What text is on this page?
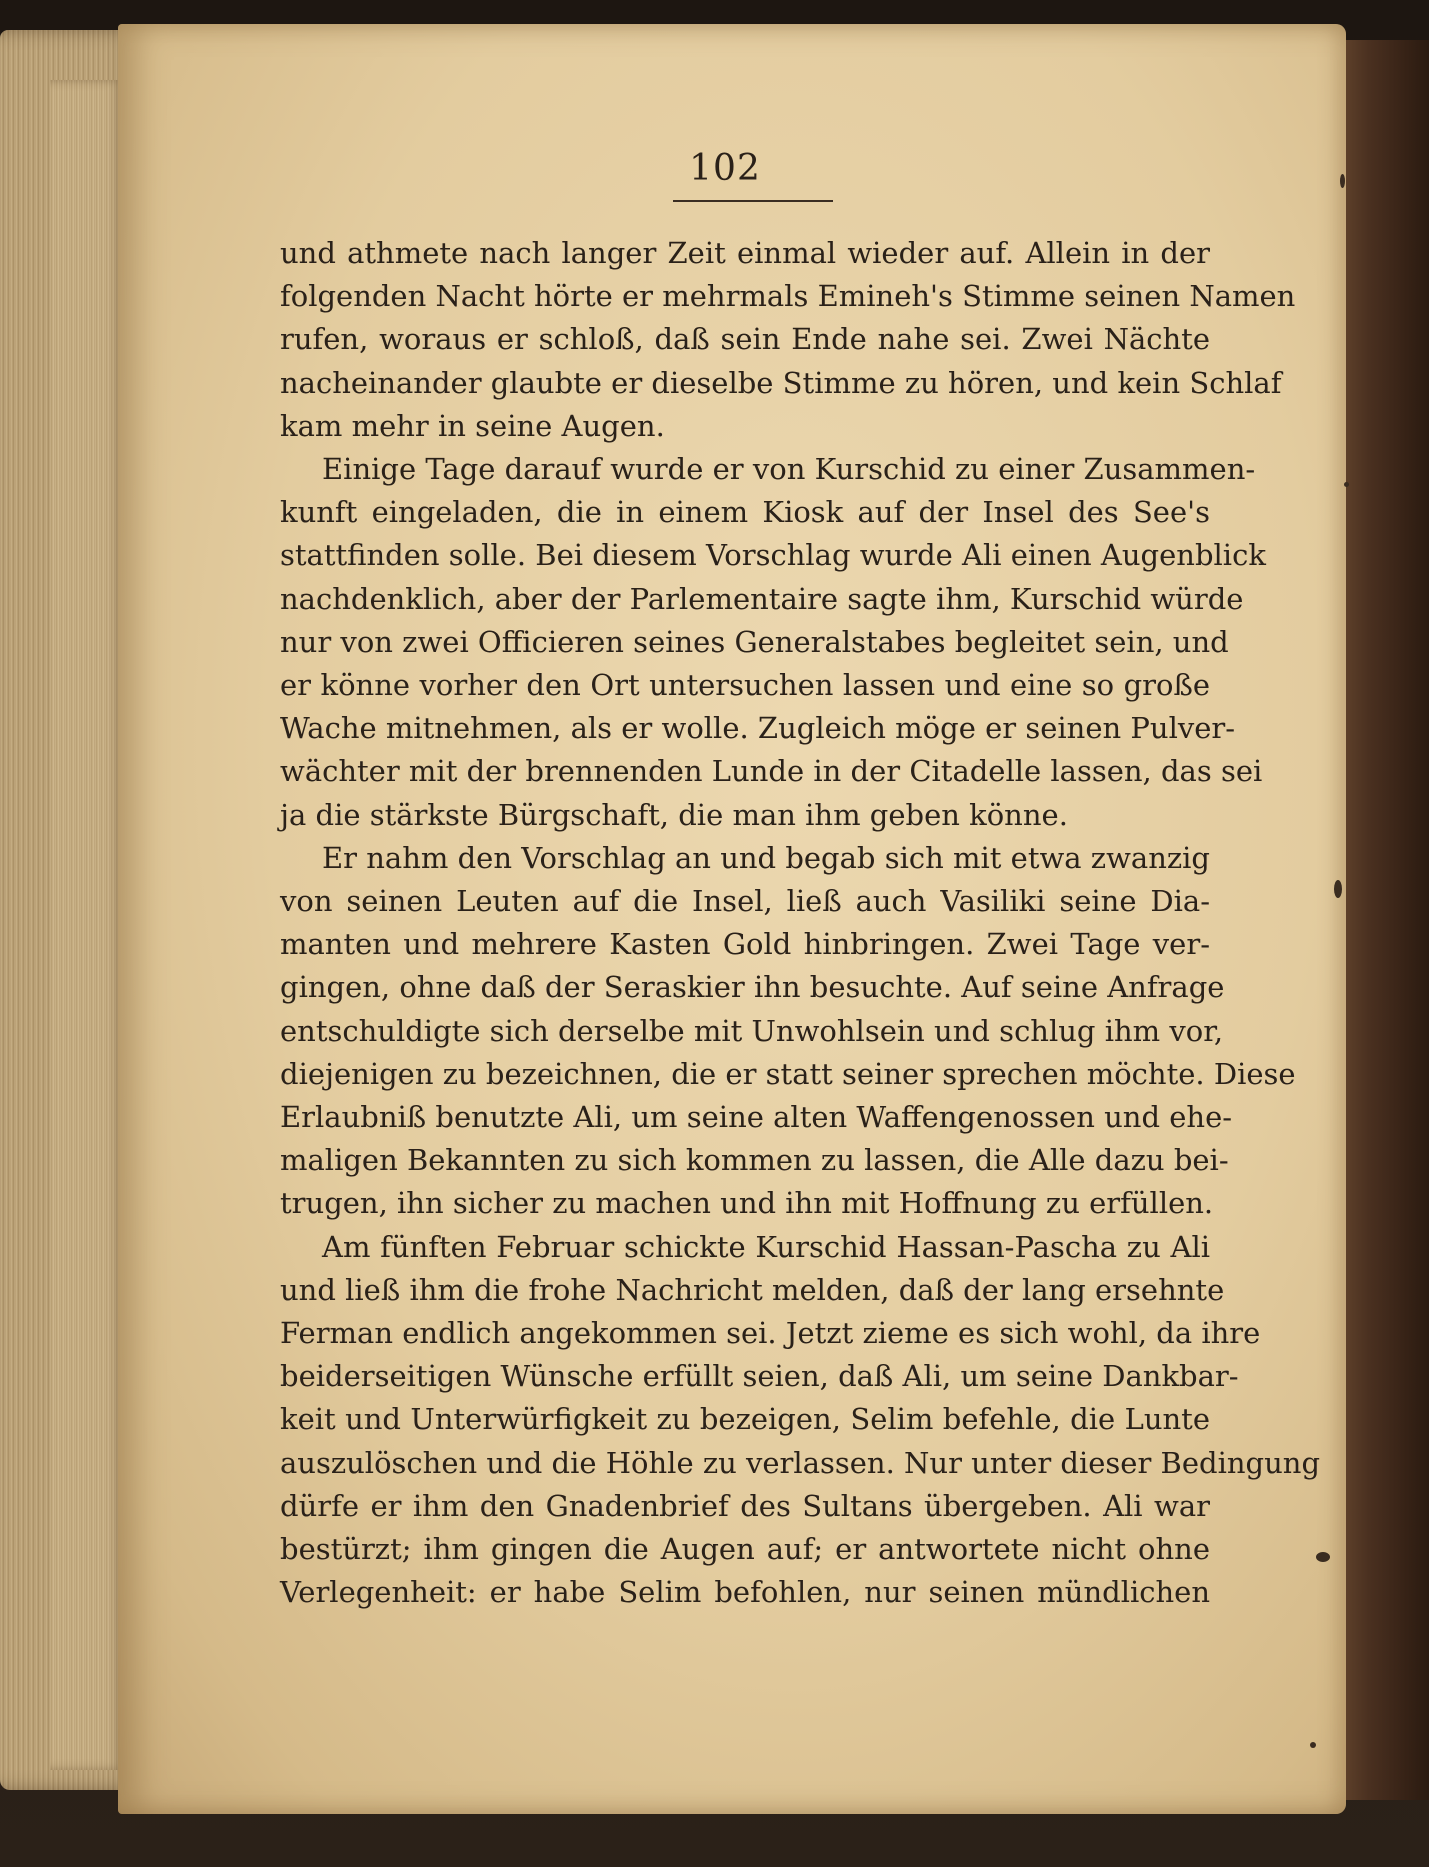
102
und athmete nach langer Zeit einmal wieder auf. Allein in der
folgenden Nacht hörte er mehrmals Emineh's Stimme seinen Namen
rufen, woraus er schloß, daß sein Ende nahe sei. Zwei Nächte
nacheinander glaubte er dieselbe Stimme zu hören, und kein Schlaf
kam mehr in seine Augen.
Einige Tage darauf wurde er von Kurschid zu einer Zusammen-
kunft eingeladen, die in einem Kiosk auf der Insel des See's
stattfinden solle. Bei diesem Vorschlag wurde Ali einen Augenblick
nachdenklich, aber der Parlementaire sagte ihm, Kurschid würde
nur von zwei Officieren seines Generalstabes begleitet sein, und
er könne vorher den Ort untersuchen lassen und eine so große
Wache mitnehmen, als er wolle. Zugleich möge er seinen Pulver-
wächter mit der brennenden Lunde in der Citadelle lassen, das sei
ja die stärkste Bürgschaft, die man ihm geben könne.
Er nahm den Vorschlag an und begab sich mit etwa zwanzig
von seinen Leuten auf die Insel, ließ auch Vasiliki seine Dia-
manten und mehrere Kasten Gold hinbringen. Zwei Tage ver-
gingen, ohne daß der Seraskier ihn besuchte. Auf seine Anfrage
entschuldigte sich derselbe mit Unwohlsein und schlug ihm vor,
diejenigen zu bezeichnen, die er statt seiner sprechen möchte. Diese
Erlaubniß benutzte Ali, um seine alten Waffengenossen und ehe-
maligen Bekannten zu sich kommen zu lassen, die Alle dazu bei-
trugen, ihn sicher zu machen und ihn mit Hoffnung zu erfüllen.
Am fünften Februar schickte Kurschid Hassan-Pascha zu Ali
und ließ ihm die frohe Nachricht melden, daß der lang ersehnte
Ferman endlich angekommen sei. Jetzt zieme es sich wohl, da ihre
beiderseitigen Wünsche erfüllt seien, daß Ali, um seine Dankbar-
keit und Unterwürfigkeit zu bezeigen, Selim befehle, die Lunte
auszulöschen und die Höhle zu verlassen. Nur unter dieser Bedingung
dürfe er ihm den Gnadenbrief des Sultans übergeben. Ali war
bestürzt; ihm gingen die Augen auf; er antwortete nicht ohne
Verlegenheit: er habe Selim befohlen, nur seinen mündlichen
